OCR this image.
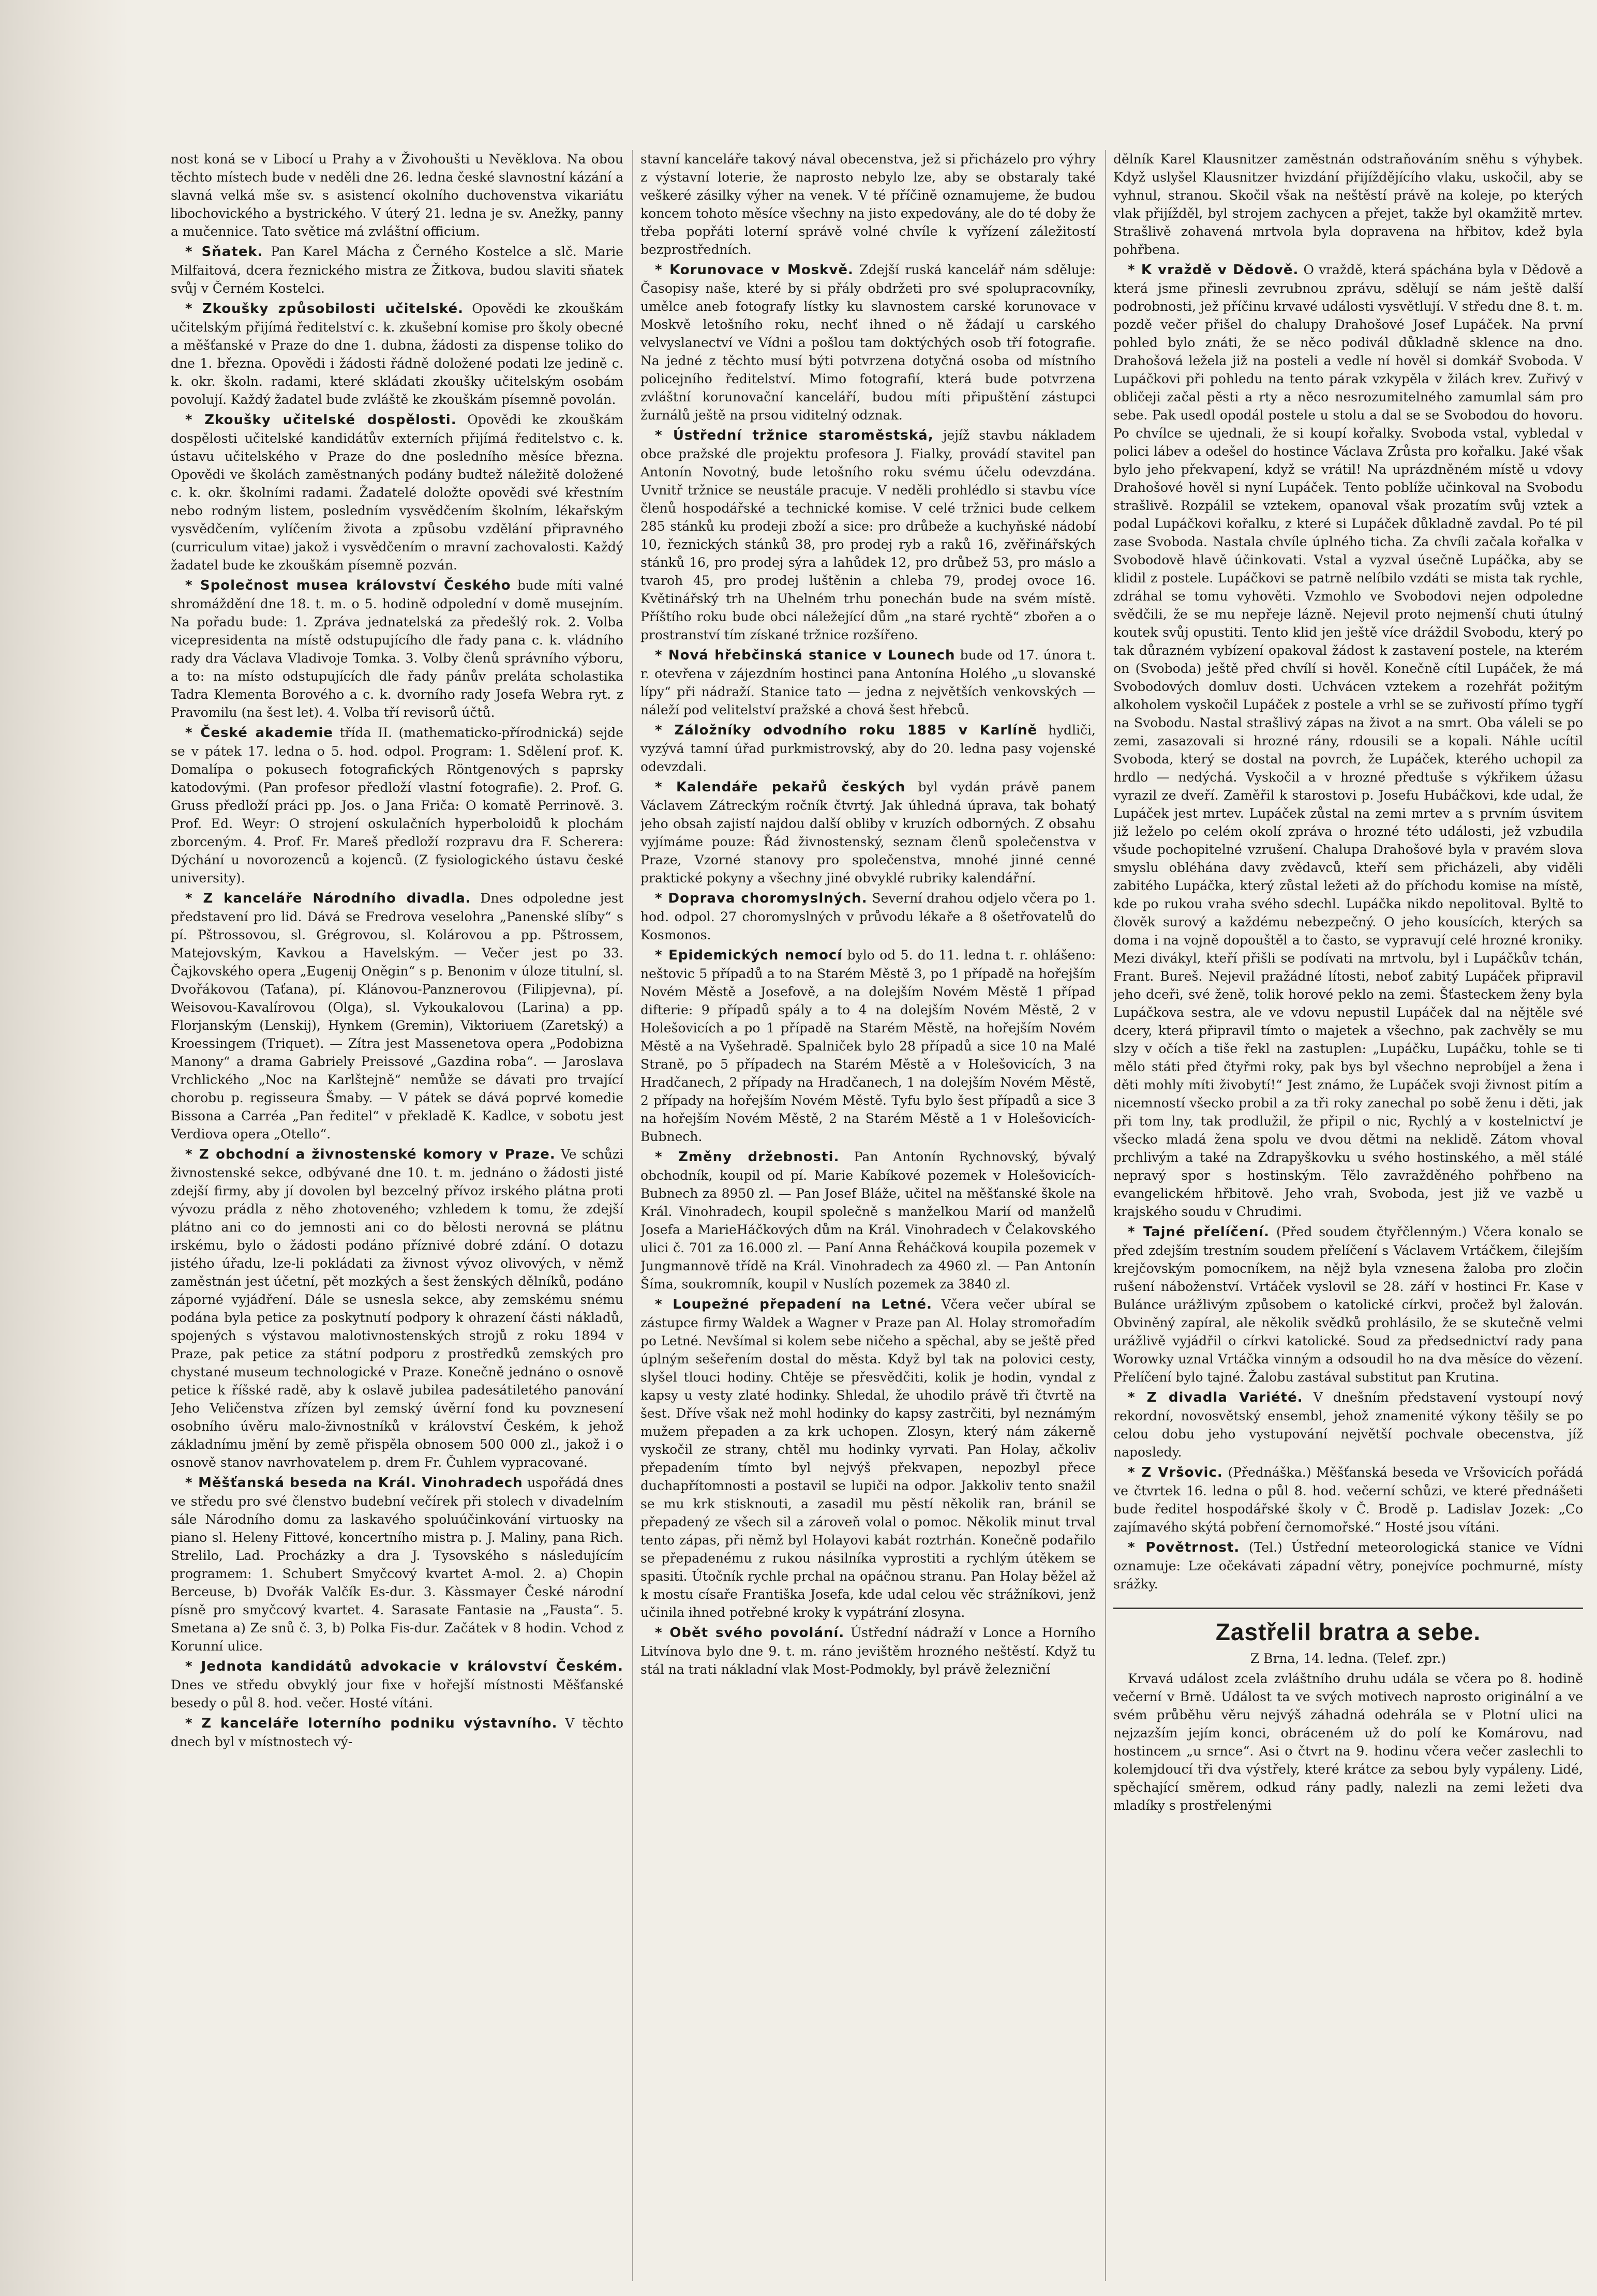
nost koná se v Libocí u Prahy a v Živohoušti u Nevěklova. Na obou těchto místech bude v neděli dne 26. ledna české slavnostní kázání a slavná velká mše sv. s asistencí okolního duchovenstva vikariátu libochovického a bystrického. V úterý 21. ledna je sv. Anežky, panny a mučennice. Tato světice má zvláštní officium.

* Sňatek. Pan Karel Mácha z Černého Kostelce a slč. Marie Milfaitová, dcera řeznického mistra ze Žitkova, budou slaviti sňatek svůj v Černém Kostelci.

* Zkoušky způsobilosti učitelské. Opovědi ke zkouškám učitelským přijímá ředitelství c. k. zkušební komise pro školy obecné a měšťanské v Praze do dne 1. dubna, žádosti za dispense toliko do dne 1. března. Opovědi i žádosti řádně doložené podati lze jedině c. k. okr. školn. radami, které skládati zkoušky učitelským osobám povolují. Každý žadatel bude zvláště ke zkouškám písemně povolán.

* Zkoušky učitelské dospělosti. Opovědi ke zkouškám dospělosti učitelské kandidátův externích přijímá ředitelstvo c. k. ústavu učitelského v Praze do dne posledního měsíce března. Opovědi ve školách zaměstnaných podány budtež náležitě doložené c. k. okr. školními radami. Žadatelé doložte opovědi své křestním nebo rodným listem, posledním vysvědčením školním, lékařským vysvědčením, vylíčením života a způsobu vzdělání připravného (curriculum vitae) jakož i vysvědčením o mravní zachovalosti. Každý žadatel bude ke zkouškám písemně pozván.

* Společnost musea království Českého bude míti valné shromáždění dne 18. t. m. o 5. hodině odpolední v domě musejním. Na pořadu bude: 1. Zpráva jednatelská za předešlý rok. 2. Volba vicepresidenta na místě odstupujícího dle řady pana c. k. vládního rady dra Václava Vladivoje Tomka. 3. Volby členů správního výboru, a to: na místo odstupujících dle řady pánův preláta scholastika Tadra Klementa Borového a c. k. dvorního rady Josefa Webra ryt. z Pravomilu (na šest let). 4. Volba tří revisorů účtů.

* České akademie třída II. (mathematicko-přírodnická) sejde se v pátek 17. ledna o 5. hod. odpol. Program: 1. Sdělení prof. K. Domalípa o pokusech fotografických Röntgenových s paprsky katodovými. (Pan profesor předloží vlastní fotografie). 2. Prof. G. Gruss předloží práci pp. Jos. o Jana Friča: O komatě Perrinově. 3. Prof. Ed. Weyr: O strojení oskulačních hyperboloidů k plochám zborceným. 4. Prof. Fr. Mareš předloží rozpravu dra F. Scherera: Dýchání u novorozenců a kojenců. (Z fysiologického ústavu české university).

* Z kanceláře Národního divadla. Dnes odpoledne jest představení pro lid. Dává se Fredrova veselohra „Panenské slíby“ s pí. Pštrossovou, sl. Grégrovou, sl. Kolárovou a pp. Pštrossem, Matejovským, Kavkou a Havelským. — Večer jest po 33. Čajkovského opera „Eugenij Oněgin“ s p. Benonim v úloze titulní, sl. Dvořákovou (Taťana), pí. Klánovou-Panznerovou (Filipjevna), pí. Weisovou-Kavalírovou (Olga), sl. Vykoukalovou (Larina) a pp. Florjanským (Lenskij), Hynkem (Gremin), Viktoriuem (Zaretský) a Kroessingem (Triquet). — Zítra jest Massenetova opera „Podobizna Manony“ a drama Gabriely Preissové „Gazdina roba“. — Jaroslava Vrchlického „Noc na Karlštejně“ nemůže se dávati pro trvající chorobu p. regisseura Šmaby. — V pátek se dává poprvé komedie Bissona a Carréa „Pan ředitel“ v překladě K. Kadlce, v sobotu jest Verdiova opera „Otello“.

* Z obchodní a živnostenské komory v Praze. Ve schůzi živnostenské sekce, odbývané dne 10. t. m. jednáno o žádosti jisté zdejší firmy, aby jí dovolen byl bezcelný přívoz irského plátna proti vývozu prádla z něho zhotoveného; vzhledem k tomu, že zdejší plátno ani co do jemnosti ani co do bělosti nerovná se plátnu irskému, bylo o žádosti podáno příznivé dobré zdání. O dotazu jistého úřadu, lze-li pokládati za živnost vývoz olivových, v němž zaměstnán jest účetní, pět mozkých a šest ženských dělníků, podáno záporné vyjádření. Dále se usnesla sekce, aby zemskému snému podána byla petice za poskytnutí podpory k ohrazení části nákladů, spojených s výstavou malotivnostenských strojů z roku 1894 v Praze, pak petice za státní podporu z prostředků zemských pro chystané museum technologické v Praze. Konečně jednáno o osnově petice k říšské radě, aby k oslavě jubilea padesátiletého panování Jeho Veličenstva zřízen byl zemský úvěrní fond ku povznesení osobního úvěru malo-živnostníků v království Českém, k jehož základnímu jmění by země přispěla obnosem 500 000 zl., jakož i o osnově stanov navrhovatelem p. drem Fr. Čuhlem vypracované.

* Měšťanská beseda na Král. Vinohradech uspořádá dnes ve středu pro své členstvo budební večírek při stolech v divadelním sále Národního domu za laskavého spoluúčinkování virtuosky na piano sl. Heleny Fittové, koncertního mistra p. J. Maliny, pana Rich. Strelilo, Lad. Procházky a dra J. Tysovského s následujícím programem: 1. Schubert Smyčcový kvartet A-mol. 2. a) Chopin Berceuse, b) Dvořák Valčík Es-dur. 3. Kàssmayer České národní písně pro smyčcový kvartet. 4. Sarasate Fantasie na „Fausta“. 5. Smetana a) Ze snů č. 3, b) Polka Fis-dur. Začátek v 8 hodin. Vchod z Korunní ulice.

* Jednota kandidátů advokacie v království Českém. Dnes ve středu obvyklý jour fixe v hořejší místnosti Měšťanské besedy o půl 8. hod. večer. Hosté vítáni.

* Z kanceláře loterního podniku výstavního. V těchto dnech byl v místnostech vý-

stavní kanceláře takový nával obecenstva, jež si přicházelo pro výhry z výstavní loterie, že naprosto nebylo lze, aby se obstaraly také veškeré zásilky výher na venek. V té příčině oznamujeme, že budou koncem tohoto měsíce všechny na jisto expedovány, ale do té doby že třeba popřáti loterní správě volné chvíle k vyřízení záležitostí bezprostředních.

* Korunovace v Moskvě. Zdejší ruská kancelář nám sděluje: Časopisy naše, které by si přály obdržeti pro své spolupracovníky, umělce aneb fotografy lístky ku slavnostem carské korunovace v Moskvě letošního roku, nechť ihned o ně žádají u carského velvyslanectví ve Vídni a pošlou tam doktýchých osob tří fotografie. Na jedné z těchto musí býti potvrzena dotyčná osoba od místního policejního ředitelství. Mimo fotografií, která bude potvrzena zvláštní korunovační kanceláří, budou míti připuštění zástupci žurnálů ještě na prsou viditelný odznak.

* Ústřední tržnice staroměstská, jejíž stavbu nákladem obce pražské dle projektu profesora J. Fialky, provádí stavitel pan Antonín Novotný, bude letošního roku svému účelu odevzdána. Uvnitř tržnice se neustále pracuje. V neděli prohlédlo si stavbu více členů hospodářské a technické komise. V celé tržnici bude celkem 285 stánků ku prodeji zboží a sice: pro drůbeže a kuchyňské nádobí 10, řeznických stánků 38, pro prodej ryb a raků 16, zvěřinářských stánků 16, pro prodej sýra a lahůdek 12, pro drůbež 53, pro máslo a tvaroh 45, pro prodej luštěnin a chleba 79, prodej ovoce 16. Květinářský trh na Uhelném trhu ponechán bude na svém místě. Příštího roku bude obci náležející dům „na staré rychtě“ zbořen a o prostranství tím získané tržnice rozšířeno.

* Nová hřebčinská stanice v Lounech bude od 17. února t. r. otevřena v zájezdním hostinci pana Antonína Holého „u slovanské lípy“ při nádraží. Stanice tato — jedna z největších venkovských — náleží pod velitelství pražské a chová šest hřebců.

* Záložníky odvodního roku 1885 v Karlíně hydliči, vyzývá tamní úřad purkmistrovský, aby do 20. ledna pasy vojenské odevzdali.

* Kalendáře pekařů českých byl vydán právě panem Václavem Zátreckým ročník čtvrtý. Jak úhledná úprava, tak bohatý jeho obsah zajistí najdou další obliby v kruzích odborných. Z obsahu vyjímáme pouze: Řád živnostenský, seznam členů společenstva v Praze, Vzorné stanovy pro společenstva, mnohé jinné cenné praktické pokyny a všechny jiné obvyklé rubriky kalendářní.

* Doprava choromyslných. Severní drahou odjelo včera po 1. hod. odpol. 27 choromyslných v průvodu lékaře a 8 ošetřovatelů do Kosmonos.

* Epidemických nemocí bylo od 5. do 11. ledna t. r. ohlášeno: neštovic 5 případů a to na Starém Městě 3, po 1 případě na hořejším Novém Městě a Josefově, a na dolejším Novém Městě 1 případ difterie: 9 případů spály a to 4 na dolejším Novém Městě, 2 v Holešovicích a po 1 případě na Starém Městě, na hořejším Novém Městě a na Vyšehradě. Spalniček bylo 28 případů a sice 10 na Malé Straně, po 5 případech na Starém Městě a v Holešovicích, 3 na Hradčanech, 2 případy na Hradčanech, 1 na dolejším Novém Městě, 2 případy na hořejším Novém Městě. Tyfu bylo šest případů a sice 3 na hořejším Novém Městě, 2 na Starém Městě a 1 v Holešovicích-Bubnech.

* Změny držebnosti. Pan Antonín Rychnovský, bývalý obchodník, koupil od pí. Marie Kabíkové pozemek v Holešovicích-Bubnech za 8950 zl. — Pan Josef Bláže, učitel na měšťanské škole na Král. Vinohradech, koupil společně s manželkou Marií od manželů Josefa a MarieHáčkových dům na Král. Vinohradech v Čelakovského ulici č. 701 za 16.000 zl. — Paní Anna Řeháčková koupila pozemek v Jungmannově třídě na Král. Vinohradech za 4960 zl. — Pan Antonín Šíma, soukromník, koupil v Nuslích pozemek za 3840 zl.

* Loupežné přepadení na Letné. Včera večer ubíral se zástupce firmy Waldek a Wagner v Praze pan Al. Holay stromořadím po Letné. Nevšímal si kolem sebe ničeho a spěchal, aby se ještě před úplným sešeřením dostal do města. Když byl tak na polovici cesty, slyšel tlouci hodiny. Chtěje se přesvědčiti, kolik je hodin, vyndal z kapsy u vesty zlaté hodinky. Shledal, že uhodilo právě tři čtvrtě na šest. Dříve však než mohl hodinky do kapsy zastrčiti, byl neznámým mužem přepaden a za krk uchopen. Zlosyn, který nám zákerně vyskočil ze strany, chtěl mu hodinky vyrvati. Pan Holay, ačkoliv přepadením tímto byl nejvýš překvapen, nepozbyl přece duchapřítomnosti a postavil se lupiči na odpor. Jakkoliv tento snažil se mu krk stisknouti, a zasadil mu pěstí několik ran, bránil se přepadený ze všech sil a zároveň volal o pomoc. Několik minut trval tento zápas, při němž byl Holayovi kabát roztrhán. Konečně podařilo se přepadenému z rukou násilníka vyprostiti a rychlým útěkem se spasiti. Útočník rychle prchal na opáčnou stranu. Pan Holay běžel až k mostu císaře Františka Josefa, kde udal celou věc strážníkovi, jenž učinila ihned potřebné kroky k vypátrání zlosyna.

* Obět svého povolání. Ústřední nádraží v Lonce a Horního Litvínova bylo dne 9. t. m. ráno jevištěm hrozného neštěstí. Když tu stál na trati nákladní vlak Most-Podmokly, byl právě železniční

dělník Karel Klausnitzer zaměstnán odstraňováním sněhu s výhybek. Když uslyšel Klausnitzer hvizdání přijíždějícího vlaku, uskočil, aby se vyhnul, stranou. Skočil však na neštěstí právě na koleje, po kterých vlak přijížděl, byl strojem zachycen a přejet, takže byl okamžitě mrtev. Strašlivě zohavená mrtvola byla dopravena na hřbitov, kdež byla pohřbena.

* K vraždě v Dědově. O vraždě, která spáchána byla v Dědově a která jsme přinesli zevrubnou zprávu, sdělují se nám ještě další podrobnosti, jež příčinu krvavé události vysvětlují. V středu dne 8. t. m. pozdě večer přišel do chalupy Drahošové Josef Lupáček. Na první pohled bylo znáti, že se něco podivál důkladně sklence na dno. Drahošová ležela již na posteli a vedle ní hověl si domkář Svoboda. V Lupáčkovi při pohledu na tento párak vzkypěla v žilách krev. Zuřivý v obličeji začal pěsti a rty a něco nesrozumitelného zamumlal sám pro sebe. Pak usedl opodál postele u stolu a dal se se Svobodou do hovoru. Po chvílce se ujednali, že si koupí kořalky. Svoboda vstal, vybledal v polici lábev a odešel do hostince Václava Zrůsta pro kořalku. Jaké však bylo jeho překvapení, když se vrátil! Na uprázdněném místě u vdovy Drahošové hověl si nyní Lupáček. Tento poblíže učinkoval na Svobodu strašlivě. Rozpálil se vztekem, opanoval však prozatím svůj vztek a podal Lupáčkovi kořalku, z které si Lupáček důkladně zavdal. Po té pil zase Svoboda. Nastala chvíle úplného ticha. Za chvíli začala kořalka v Svobodově hlavě účinkovati. Vstal a vyzval úsečně Lupáčka, aby se klidil z postele. Lupáčkovi se patrně nelíbilo vzdáti se mista tak rychle, zdráhal se tomu vyhověti. Vzmohlo ve Svobodovi nejen odpoledne svědčili, že se mu nepřeje lázně. Nejevil proto nejmenší chuti útulný koutek svůj opustiti. Tento klid jen ještě více dráždil Svobodu, který po tak důrazném vybízení opakoval žádost k zastavení postele, na kterém on (Svoboda) ještě před chvílí si hověl. Konečně cítil Lupáček, že má Svobodových domluv dosti. Uchvácen vztekem a rozehřát požitým alkoholem vyskočil Lupáček z postele a vrhl se se zuřivostí přímo tygří na Svobodu. Nastal strašlivý zápas na život a na smrt. Oba váleli se po zemi, zasazovali si hrozné rány, rdousili se a kopali. Náhle ucítil Svoboda, který se dostal na povrch, že Lupáček, kterého uchopil za hrdlo — nedýchá. Vyskočil a v hrozné předtuše s výkřikem úžasu vyrazil ze dveří. Zaměřil k starostovi p. Josefu Hubáčkovi, kde udal, že Lupáček jest mrtev. Lupáček zůstal na zemi mrtev a s prvním úsvitem již leželo po celém okolí zpráva o hrozné této události, jež vzbudila všude pochopitelné vzrušení. Chalupa Drahošové byla v pravém slova smyslu obléhána davy zvědavců, kteří sem přicházeli, aby viděli zabitého Lupáčka, který zůstal ležeti až do příchodu komise na místě, kde po rukou vraha svého sdechl. Lupáčka nikdo nepolitoval. Byltě to člověk surový a každému nebezpečný. O jeho kousících, kterých sa doma i na vojně dopouštěl a to často, se vypravují celé hrozné kroniky. Mezi divákyl, kteří přišli se podívati na mrtvolu, byl i Lupáčkův tchán, Frant. Bureš. Nejevil pražádné lítosti, neboť zabitý Lupáček připravil jeho dceři, své ženě, tolik horové peklo na zemi. Šťasteckem ženy byla Lupáčkova sestra, ale ve vdovu nepustil Lupáček dal na nějtěle své dcery, která připravil tímto o majetek a všechno, pak zachvěly se mu slzy v očích a tiše řekl na zastuplen: „Lupáčku, Lupáčku, tohle se ti mělo státi před čtyřmi roky, pak bys byl všechno neprobíjel a žena i děti mohly míti živobytí!“ Jest známo, že Lupáček svoji živnost pitím a nicemností všecko probil a za tři roky zanechal po sobě ženu i děti, jak při tom lny, tak prodlužil, že připil o nic, Rychlý a v kostelnictví je všecko mladá žena spolu ve dvou dětmi na neklidě. Zátom vhoval prchlivým a také na Zdrapyškovku u svého hostinského, a měl stálé nepravý spor s hostinským. Tělo zavražděného pohřbeno na evangelickém hřbitově. Jeho vrah, Svoboda, jest již ve vazbě u krajského soudu v Chrudimi.

* Tajné přelíčení. (Před soudem čtyřčlenným.) Včera konalo se před zdejším trestním soudem přelíčení s Václavem Vrtáčkem, čilejším krejčovským pomocníkem, na nějž byla vznesena žaloba pro zločin rušení náboženství. Vrtáček vyslovil se 28. září v hostinci Fr. Kase v Bulánce urážlivým způsobem o katolické církvi, pročež byl žalován. Obviněný zapíral, ale několik svědků prohlásilo, že se skutečně velmi urážlivě vyjádřil o církvi katolické. Soud za předsednictví rady pana Worowky uznal Vrtáčka vinným a odsoudil ho na dva měsíce do vězení. Přelíčení bylo tajné. Žalobu zastával substitut pan Krutina.

* Z divadla Variété. V dnešním představení vystoupí nový rekordní, novosvětský ensembl, jehož znamenité výkony těšily se po celou dobu jeho vystupování největší pochvale obecenstva, jíž naposledy.

* Z Vršovic. (Přednáška.) Měšťanská beseda ve Vršovicích pořádá ve čtvrtek 16. ledna o půl 8. hod. večerní schůzi, ve které přednášeti bude ředitel hospodářské školy v Č. Brodě p. Ladislav Jozek: „Co zajímavého skýtá pobření černomořské.“ Hosté jsou vítáni.

* Povětrnost. (Tel.) Ústřední meteorologická stanice ve Vídni oznamuje: Lze očekávati západní větry, ponejvíce pochmurné, místy srážky.

Zastřelil bratra a sebe.

Z Brna, 14. ledna. (Telef. zpr.)

Krvavá událost zcela zvláštního druhu udála se včera po 8. hodině večerní v Brně. Událost ta ve svých motivech naprosto originální a ve svém průběhu věru nejvýš záhadná odehrála se v Plotní ulici na nejzazším jejím konci, obráceném už do polí ke Komárovu, nad hostincem „u srnce“. Asi o čtvrt na 9. hodinu včera večer zaslechli to kolemjdoucí tři dva výstřely, které krátce za sebou byly vypáleny. Lidé, spěchající směrem, odkud rány padly, nalezli na zemi ležeti dva mladíky s prostřelenými
